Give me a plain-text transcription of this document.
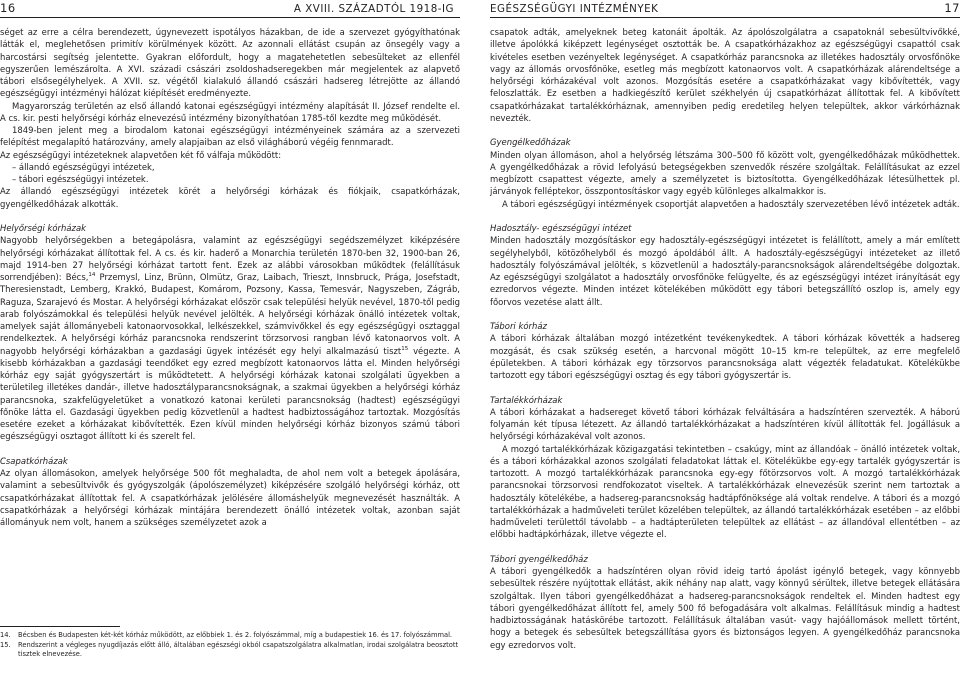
16	A XVIII. SZÁZADTÓL 1918-IG

séget az erre a célra berendezett, úgynevezett ispotályos házakban, de ide a szervezet gyógyíthatónak látták el, meglehetősen primitív körülmények között. Az azonnali ellátást csupán az önsegély vagy a harcostársi segítség jelentette. Gyakran előfordult, hogy a magatehetetlen sebesülteket az ellenfél egyszerűen lemészárolta. A XVI. századi császári zsoldoshadseregekben már megjelentek az alapvető tábori elsősegélyhelyek. A XVII. sz. végétől kialakuló állandó császári hadsereg létrejötte az állandó egészségügyi intézményi hálózat kiépítését eredményezte.

Magyarország területén az első állandó katonai egészségügyi intézmény alapítását II. József rendelte el. A cs. kir. pesti helyőrségi kórház elnevezésű intézmény bizonyíthatóan 1785-től kezdte meg működését.

1849-ben jelent meg a birodalom katonai egészségügyi intézményeinek számára az a szervezeti felépítést megalapító határozvány, amely alapjaiban az első világháború végéig fennmaradt.

Az egészségügyi intézeteknek alapvetően két fő válfaja működött:

– állandó egészségügyi intézetek,

– tábori egészségügyi intézetek.

Az állandó egészségügyi intézetek körét a helyőrségi kórházak és fiókjaik, csapatkórházak, gyengélkedőházak alkották.

Helyőrségi kórházak

Nagyobb helyőrségekben a betegápolásra, valamint az egészségügyi segédszemélyzet kiképzésére helyőrségi kórházakat állítottak fel. A cs. és kir. haderő a Monarchia területén 1870-ben 32, 1900-ban 26, majd 1914-ben 27 helyőrségi kórházat tartott fent. Ezek az alábbi városokban működtek (felállításuk sorrendjében): Bécs,$^{14}$ Przemysl, Linz, Brünn, Olmütz, Graz, Laibach, Trieszt, Innsbruck, Prága, Josefstadt, Theresienstadt, Lemberg, Krakkó, Budapest, Komárom, Pozsony, Kassa, Temesvár, Nagyszeben, Zágráb, Raguza, Szarajevó és Mostar. A helyőrségi kórházakat először csak települési helyük nevével, 1870-től pedig arab folyószámokkal és települési helyük nevével jelölték. A helyőrségi kórházak önálló intézetek voltak, amelyek saját állományebeli katonaorvosokkal, lelkészekkel, számvivőkkel és egy egészségügyi osztaggal rendelkeztek. A helyőrségi kórház parancsnoka rendszerint törzsorvosi rangban lévő katonaorvos volt. A nagyobb helyőrségi kórházakban a gazdasági ügyek intézését egy helyi alkalmazású tiszt$^{15}$ végezte. A kisebb kórházakban a gazdasági teendőket egy ezred megbízott katonaorvos látta el. Minden helyőrségi kórház egy saját gyógyszertárt is működtetett. A helyőrségi kórházak katonai szolgálati ügyekben a területileg illetékes dandár-, illetve hadosztályparancsnokságnak, a szakmai ügyekben a helyőrségi kórház parancsnoka, szakfelügyeletüket a vonatkozó katonai kerületi parancsnokság (hadtest) egészségügyi főnöke látta el. Gazdasági ügyekben pedig közvetlenül a hadtest hadbiztosságához tartoztak. Mozgósítás esetére ezeket a kórházakat kibővítették. Ezen kívül minden helyőrségi kórház bizonyos számú tábori egészségügyi osztagot állított ki és szerelt fel.

Csapatkórházak

Az olyan állomásokon, amelyek helyőrsége 500 főt meghaladta, de ahol nem volt a betegek ápolására, valamint a sebesültvivők és gyógyszolgák (ápolószemélyzet) kiképzésére szolgáló helyőrségi kórház, ott csapatkórházakat állítottak fel. A csapatkórházak jelölésére állomáshelyük megnevezését használták. A csapatkórházak a helyőrségi kórházak mintájára berendezett önálló intézetek voltak, azonban saját állományuk nem volt, hanem a szükséges személyzetet azok a

14.	Bécsben és Budapesten két-két kórház működött, az előbbiek 1. és 2. folyószámmal, míg a budapestiek 16. és 17. folyószámmal.
15.	Rendszerint a végleges nyugdíjazás előtt álló, általában egészségi okból csapatszolgálatra alkalmatlan, irodai szolgálatra beosztott tisztek elnevezése.
EGÉSZSÉGÜGYI INTÉZMÉNYEK	17

csapatok adták, amelyeknek beteg katonáit ápolták. Az ápolószolgálatra a csapatoknál sebesültvivőkké, illetve ápolókká kiképzett legénységet osztották be. A csapatkórházakhoz az egészségügyi csapattól csak kivételes esetben vezényeltek legénységet. A csapatkórház parancsnoka az illetékes hadosztály orvosfőnöke vagy az állomás orvosfőnöke, esetleg más megbízott katonaorvos volt. A csapatkórházak alárendeltsége a helyőrségi kórházakéval volt azonos. Mozgósítás esetére a csapatkórházakat vagy kibővítették, vagy feloszlatták. Ez esetben a hadkiegészítő kerület székhelyén új csapatkórházat állítottak fel. A kibővített csapatkórházakat tartalékkórháznak, amennyiben pedig eredetileg helyen települtek, akkor várkórháznak nevezték.

Gyengélkedőházak

Minden olyan állomáson, ahol a helyőrség létszáma 300–500 fő között volt, gyengélkedőházak működhettek. A gyengélkedőházak a rövid lefolyású betegségekben szenvedők részére szolgáltak. Felállításukat az ezzel megbízott csapattest végezte, amely a személyzetet is biztosította. Gyengélkedőházak létesülhettek pl. járványok felléptekor, összpontosításkor vagy egyéb különleges alkalmakkor is.

A tábori egészségügyi intézmények csoportját alapvetően a hadosztály szervezetében lévő intézetek adták.

Hadosztály- egészségügyi intézet

Minden hadosztály mozgósításkor egy hadosztály-egészségügyi intézetet is felállított, amely a már említett segélyhelyből, kötözőhelyből és mozgó ápoldából állt. A hadosztály-egészségügyi intézeteket az illető hadosztály folyószámával jelölték, s közvetlenül a hadosztály-parancsnokságok alárendeltségébe dolgoztak. Az egészségügyi szolgálatot a hadosztály orvosfőnöke felügyelte, és az egészségügyi intézet irányítását egy ezredorvos végezte. Minden intézet kötelékében működött egy tábori betegszállító oszlop is, amely egy főorvos vezetése alatt állt.

Tábori kórház

A tábori kórházak általában mozgó intézetként tevékenykedtek. A tábori kórházak követték a hadsereg mozgását, és csak szükség esetén, a harcvonal mögött 10–15 km-re települtek, az erre megfelelő épületekben. A tábori kórházak egy törzsorvos parancsnoksága alatt végezték feladatukat. Kötelékükbe tartozott egy tábori egészségügyi osztag és egy tábori gyógyszertár is.

Tartalékkórházak

A tábori kórházakat a hadsereget követő tábori kórházak felváltására a hadszíntéren szervezték. A háború folyamán két típusa létezett. Az állandó tartalékkórházakat a hadszíntéren kívül állították fel. Jogállásuk a helyőrségi kórházakéval volt azonos.

A mozgó tartalékkórházak közigazgatási tekintetben – csakúgy, mint az állandóak – önálló intézetek voltak, és a tábori kórházakkal azonos szolgálati feladatokat láttak el. Kötelékükbe egy-egy tartalék gyógyszertár is tartozott. A mozgó tartalékkórházak parancsnoka egy-egy főtörzsorvos volt. A mozgó tartalékkórházak parancsnokai törzsorvosi rendfokozatot viseltek. A tartalékkórházak elnevezésük szerint nem tartoztak a hadosztály kötelékébe, a hadsereg-parancsnokság hadtápfőnöksége alá voltak rendelve. A tábori és a mozgó tartalékkórházak a hadműveleti terület közelében települtek, az állandó tartalékkórházak esetében – az előbbi hadműveleti területtől távolabb – a hadtápterületen települtek az ellátást – az állandóval ellentétben – az előbbi hadtápkórházak, illetve végezte el.

Tábori gyengélkedőház

A tábori gyengélkedők a hadszíntéren olyan rövid ideig tartó ápolást igénylő betegek, vagy könnyebb sebesültek részére nyújtottak ellátást, akik néhány nap alatt, vagy könnyű sérültek, illetve betegek ellátására szolgáltak. Ilyen tábori gyengélkedőházat a hadsereg-parancsnokságok rendeltek el. Minden hadtest egy tábori gyengélkedőházat állított fel, amely 500 fő befogadására volt alkalmas. Felállításuk mindig a hadtest hadbiztosságának hatáskörébe tartozott. Felállításuk általában vasút- vagy hajóállomások mellett történt, hogy a betegek és sebesültek betegszállítása gyors és biztonságos legyen. A gyengélkedőház parancsnoka egy ezredorvos volt.
